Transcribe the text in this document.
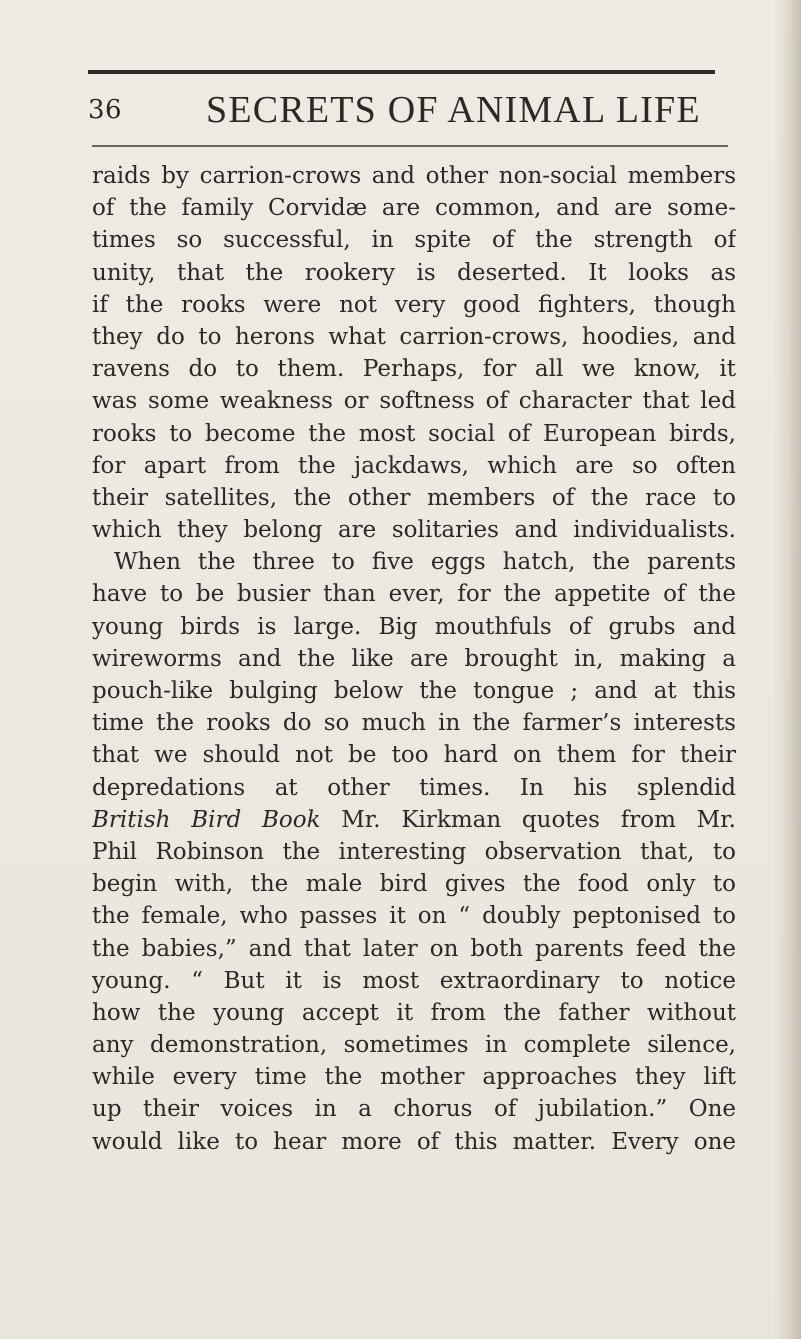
36 SECRETS OF ANIMAL LIFE
raids by carrion-crows and other non-social members
of the family Corvidæ are common, and are some-
times so successful, in spite of the strength of
unity, that the rookery is deserted. It looks as
if the rooks were not very good fighters, though
they do to herons what carrion-crows, hoodies, and
ravens do to them. Perhaps, for all we know, it
was some weakness or softness of character that led
rooks to become the most social of European birds,
for apart from the jackdaws, which are so often
their satellites, the other members of the race to
which they belong are solitaries and individualists.
When the three to five eggs hatch, the parents
have to be busier than ever, for the appetite of the
young birds is large. Big mouthfuls of grubs and
wireworms and the like are brought in, making a
pouch-like bulging below the tongue ; and at this
time the rooks do so much in the farmer’s interests
that we should not be too hard on them for their
depredations at other times. In his splendid
British Bird Book Mr. Kirkman quotes from Mr.
Phil Robinson the interesting observation that, to
begin with, the male bird gives the food only to
the female, who passes it on “ doubly peptonised to
the babies,” and that later on both parents feed the
young. “ But it is most extraordinary to notice
how the young accept it from the father without
any demonstration, sometimes in complete silence,
while every time the mother approaches they lift
up their voices in a chorus of jubilation.” One
would like to hear more of this matter. Every one
